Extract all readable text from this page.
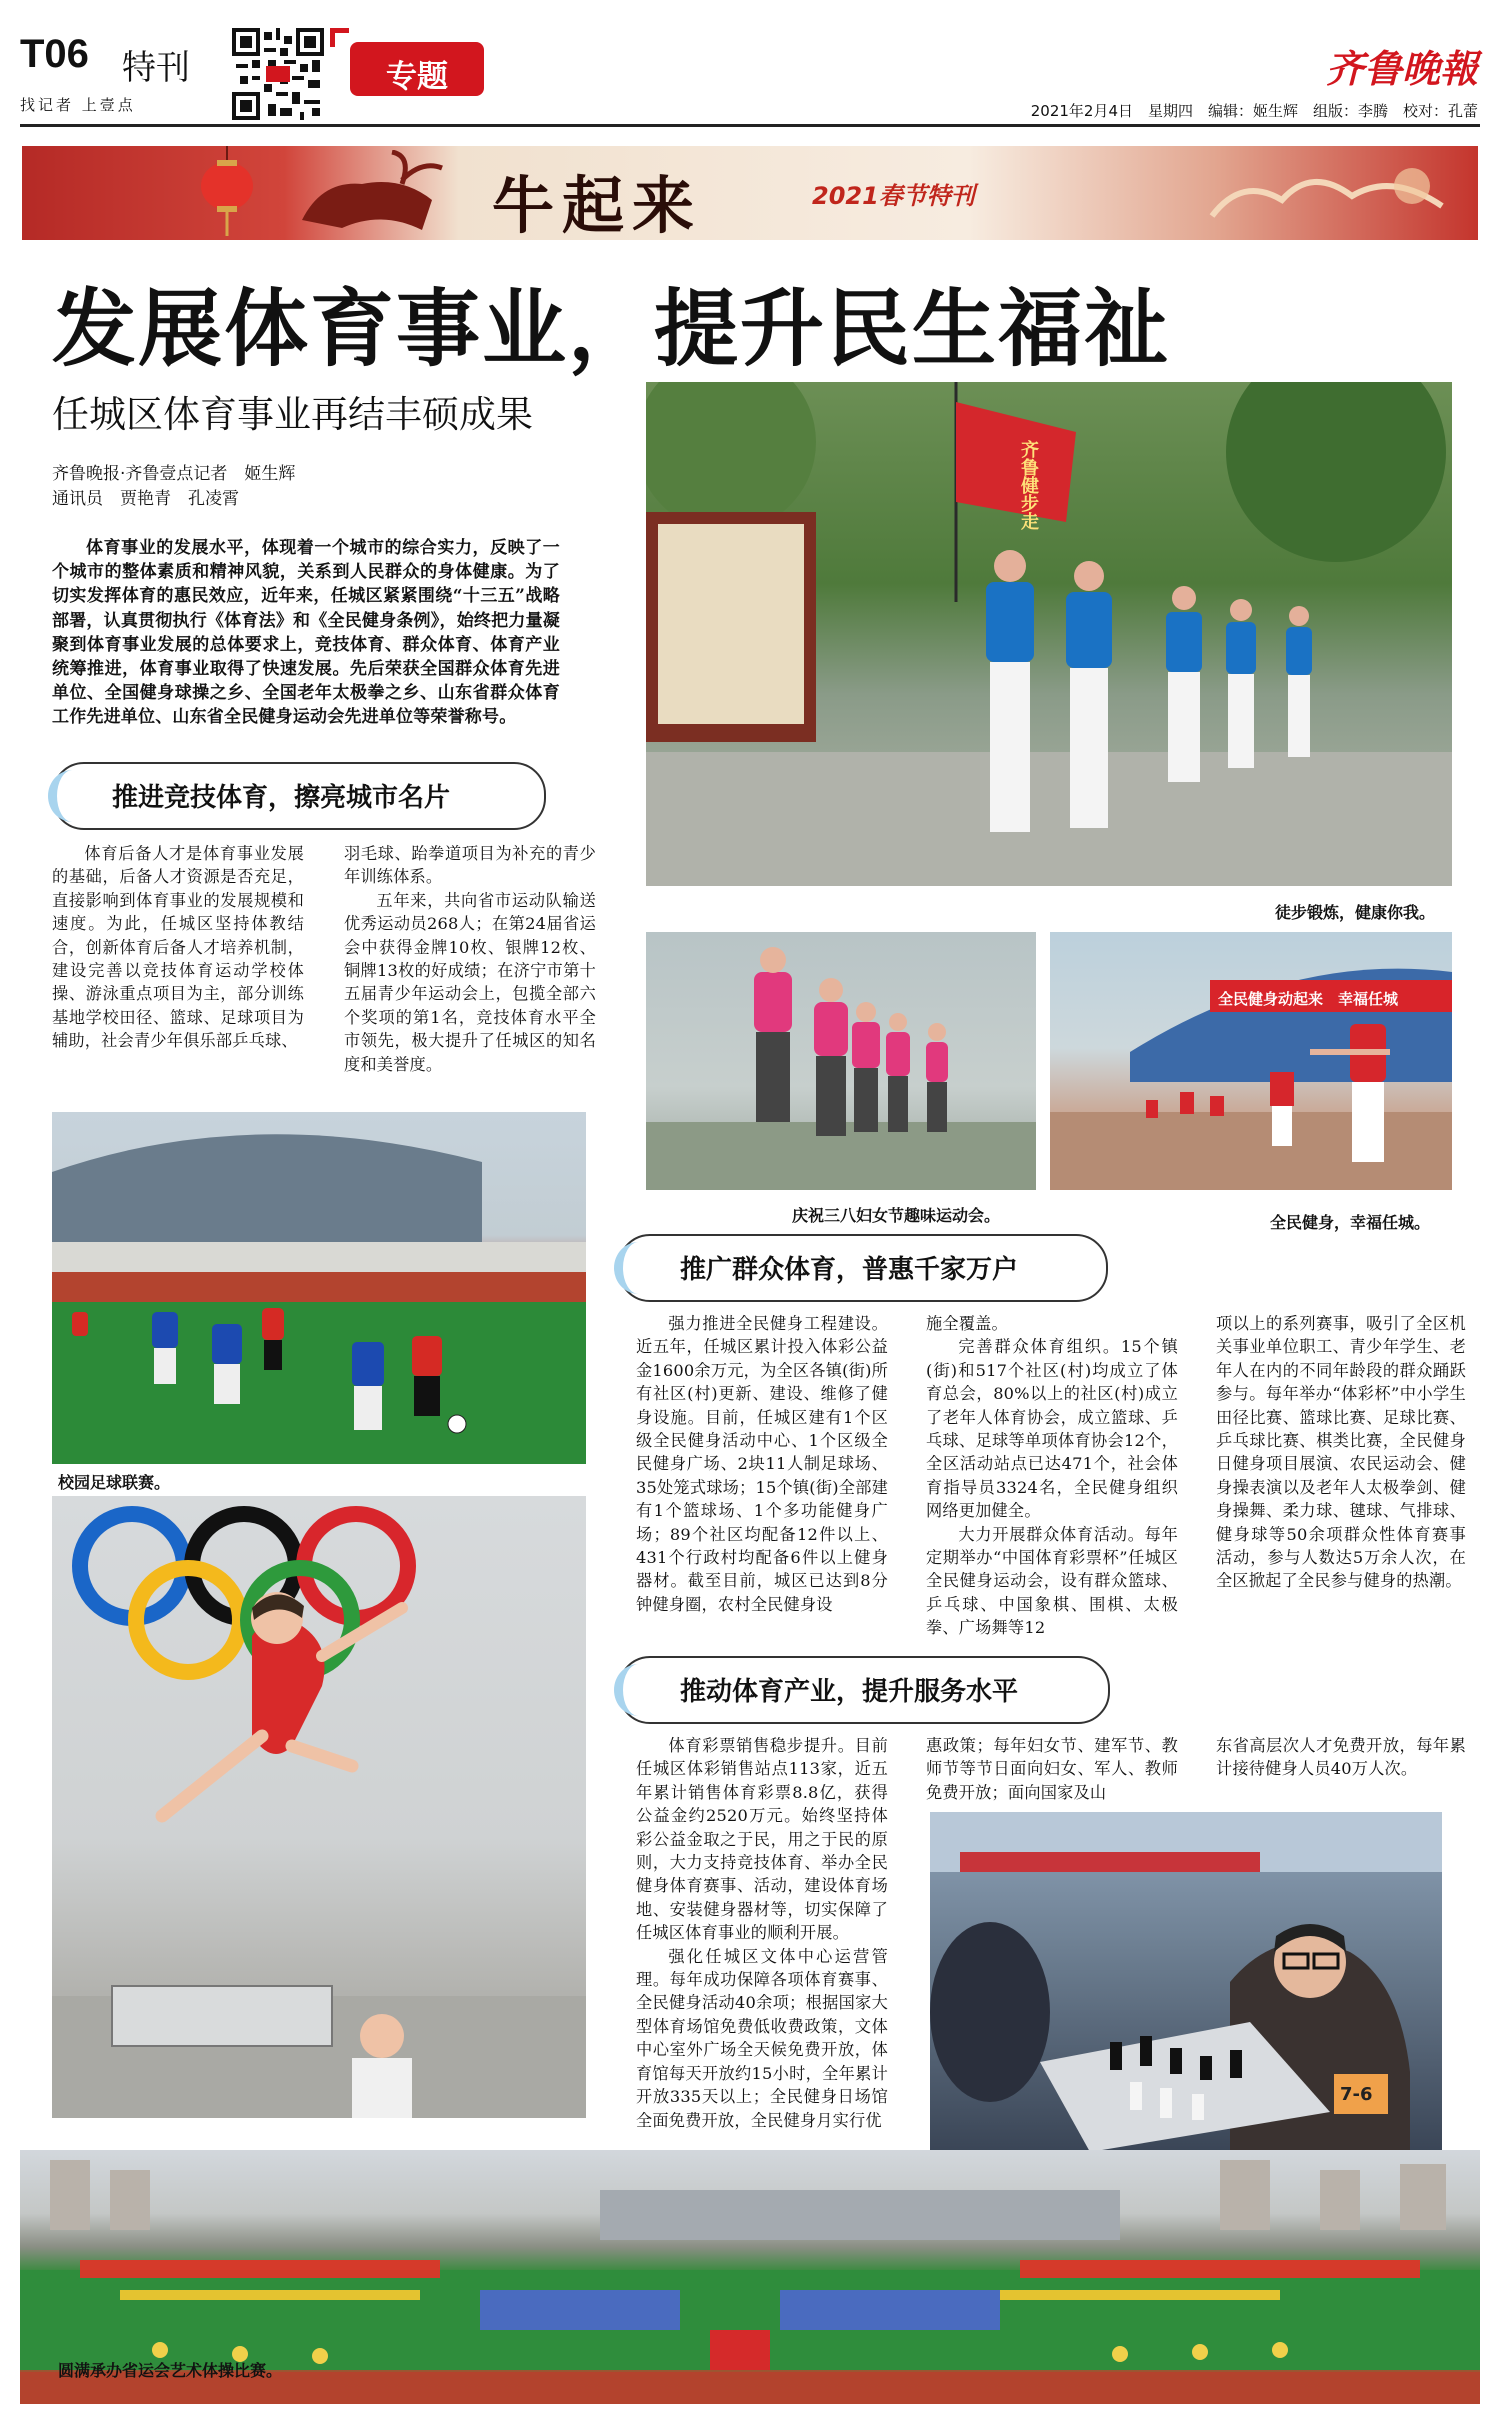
T06 特刊
找记者 上壹点
专题	齐鲁晚報
2021年2月4日　星期四　编辑：姬生辉　组版：李腾　校对：孔蕾
牛起来	2021春节特刊
发展体育事业，提升民生福祉
任城区体育事业再结丰硕成果
齐鲁晚报·齐鲁壹点记者　姬生辉
通讯员　贾艳青　孔凌霄

体育事业的发展水平，体现着一个城市的综合实力，反映了一个城市的整体素质和精神风貌，关系到人民群众的身体健康。为了切实发挥体育的惠民效应，近年来，任城区紧紧围绕“十三五”战略部署，认真贯彻执行《体育法》和《全民健身条例》，始终把力量凝聚到体育事业发展的总体要求上，竞技体育、群众体育、体育产业统筹推进，体育事业取得了快速发展。先后荣获全国群众体育先进单位、全国健身球操之乡、全国老年太极拳之乡、山东省群众体育工作先进单位、山东省全民健身运动会先进单位等荣誉称号。

齐鲁健步走
徒步锻炼，健康你我。
推进竞技体育，擦亮城市名片

体育后备人才是体育事业发展的基础，后备人才资源是否充足，直接影响到体育事业的发展规模和速度。为此，任城区坚持体教结合，创新体育后备人才培养机制，建设完善以竞技体育运动学校体操、游泳重点项目为主，部分训练基地学校田径、篮球、足球项目为辅助，社会青少年俱乐部乒乓球、

羽毛球、跆拳道项目为补充的青少年训练体系。

五年来，共向省市运动队输送优秀运动员268人；在第24届省运会中获得金牌10枚、银牌12枚、铜牌13枚的好成绩；在济宁市第十五届青少年运动会上，包揽全部六个奖项的第1名，竞技体育水平全市领先，极大提升了任城区的知名度和美誉度。

庆祝三八妇女节趣味运动会。
全民健身动起来　幸福任城
全民健身，幸福任城。
校园足球联赛。
推广群众体育，普惠千家万户

强力推进全民健身工程建设。近五年，任城区累计投入体彩公益金1600余万元，为全区各镇(街)所有社区(村)更新、建设、维修了健身设施。目前，任城区建有1个区级全民健身活动中心、1个区级全民健身广场、2块11人制足球场、35处笼式球场；15个镇(街)全部建有1个篮球场、1个多功能健身广场；89个社区均配备12件以上、431个行政村均配备6件以上健身器材。截至目前，城区已达到8分钟健身圈，农村全民健身设

施全覆盖。

完善群众体育组织。15个镇(街)和517个社区(村)均成立了体育总会，80%以上的社区(村)成立了老年人体育协会，成立篮球、乒乓球、足球等单项体育协会12个，全区活动站点已达471个，社会体育指导员3324名，全民健身组织网络更加健全。

大力开展群众体育活动。每年定期举办“中国体育彩票杯”任城区全民健身运动会，设有群众篮球、乒乓球、中国象棋、围棋、太极拳、广场舞等12

项以上的系列赛事，吸引了全区机关事业单位职工、青少年学生、老年人在内的不同年龄段的群众踊跃参与。每年举办“体彩杯”中小学生田径比赛、篮球比赛、足球比赛、乒乓球比赛、棋类比赛，全民健身日健身项目展演、农民运动会、健身操表演以及老年人太极拳剑、健身操舞、柔力球、毽球、气排球、健身球等50余项群众性体育赛事活动，参与人数达5万余人次，在全区掀起了全民参与健身的热潮。

推动体育产业，提升服务水平

体育彩票销售稳步提升。目前任城区体彩销售站点113家，近五年累计销售体育彩票8.8亿，获得公益金约2520万元。始终坚持体彩公益金取之于民，用之于民的原则，大力支持竞技体育、举办全民健身体育赛事、活动，建设体育场地、安装健身器材等，切实保障了任城区体育事业的顺利开展。

强化任城区文体中心运营管理。每年成功保障各项体育赛事、全民健身活动40余项；根据国家大型体育场馆免费低收费政策，文体中心室外广场全天候免费开放，体育馆每天开放约15小时，全年累计开放335天以上；全民健身日场馆全面免费开放，全民健身月实行优

惠政策；每年妇女节、建军节、教师节等节日面向妇女、军人、教师免费开放；面向国家及山

东省高层次人才免费开放，每年累计接待健身人员40万人次。

7-6
圆满承办省运会艺术体操比赛。
